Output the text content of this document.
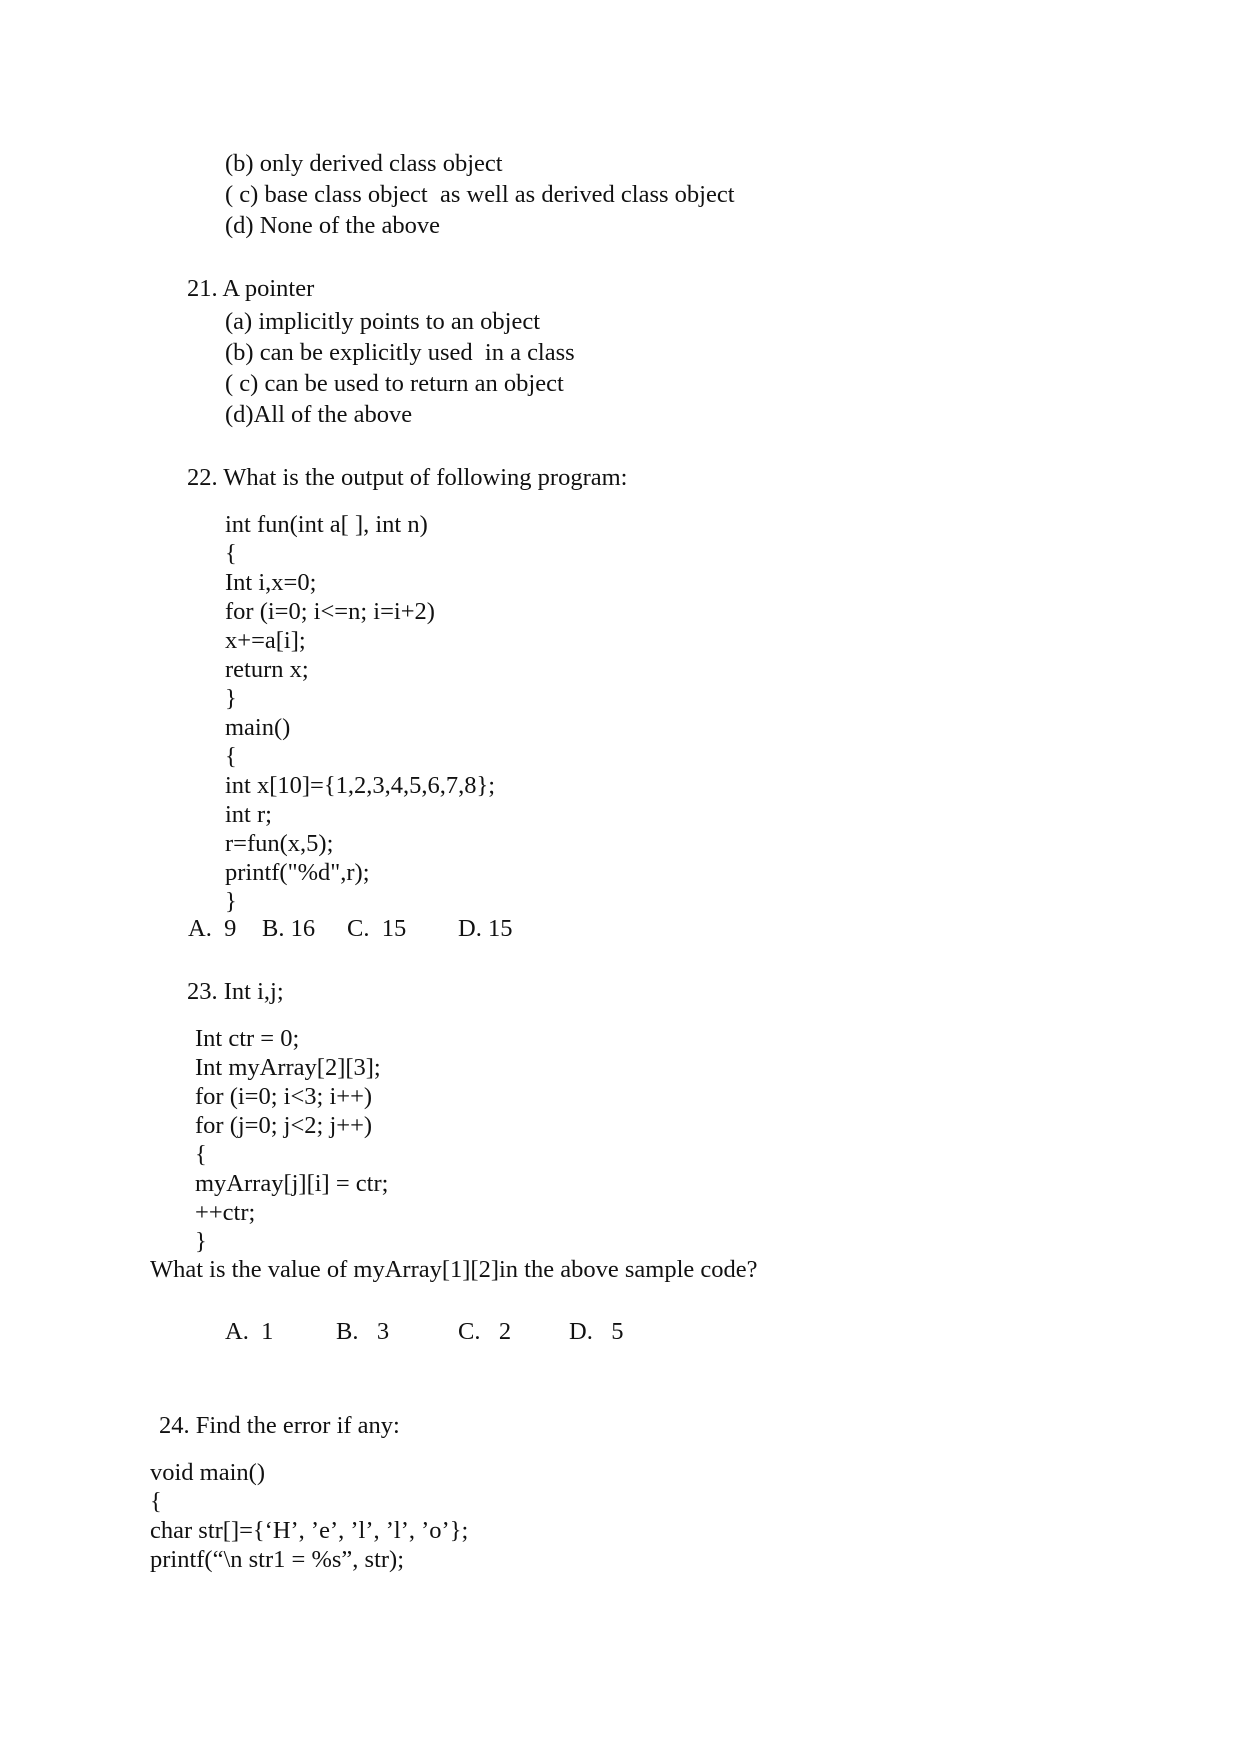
(b) only derived class object

( c) base class object  as well as derived class object

(d) None of the above

21. A pointer

(a) implicitly points to an object

(b) can be explicitly used  in a class

( c) can be used to return an object

(d)All of the above

22. What is the output of following program:

int fun(int a[ ], int n)

{

Int i,x=0;

for (i=0; i<=n; i=i+2)

x+=a[i];

return x;

}

main()

{

int x[10]={1,2,3,4,5,6,7,8};

int r;

r=fun(x,5);

printf("%d",r);

}

A.  9 B. 16 C.  15 D. 15

23. Int i,j;

Int ctr = 0;

Int myArray[2][3];

for (i=0; i<3; i++)

for (j=0; j<2; j++)

{

myArray[j][i] = ctr;

++ctr;

}

What is the value of myArray[1][2]in the above sample code?

A.  1	B.   3	C.   2 D.   5

24. Find the error if any:

void main()

{

char str[]={‘H’, ’e’, ’l’, ’l’, ’o’};

printf(“\n str1 = %s”, str);
